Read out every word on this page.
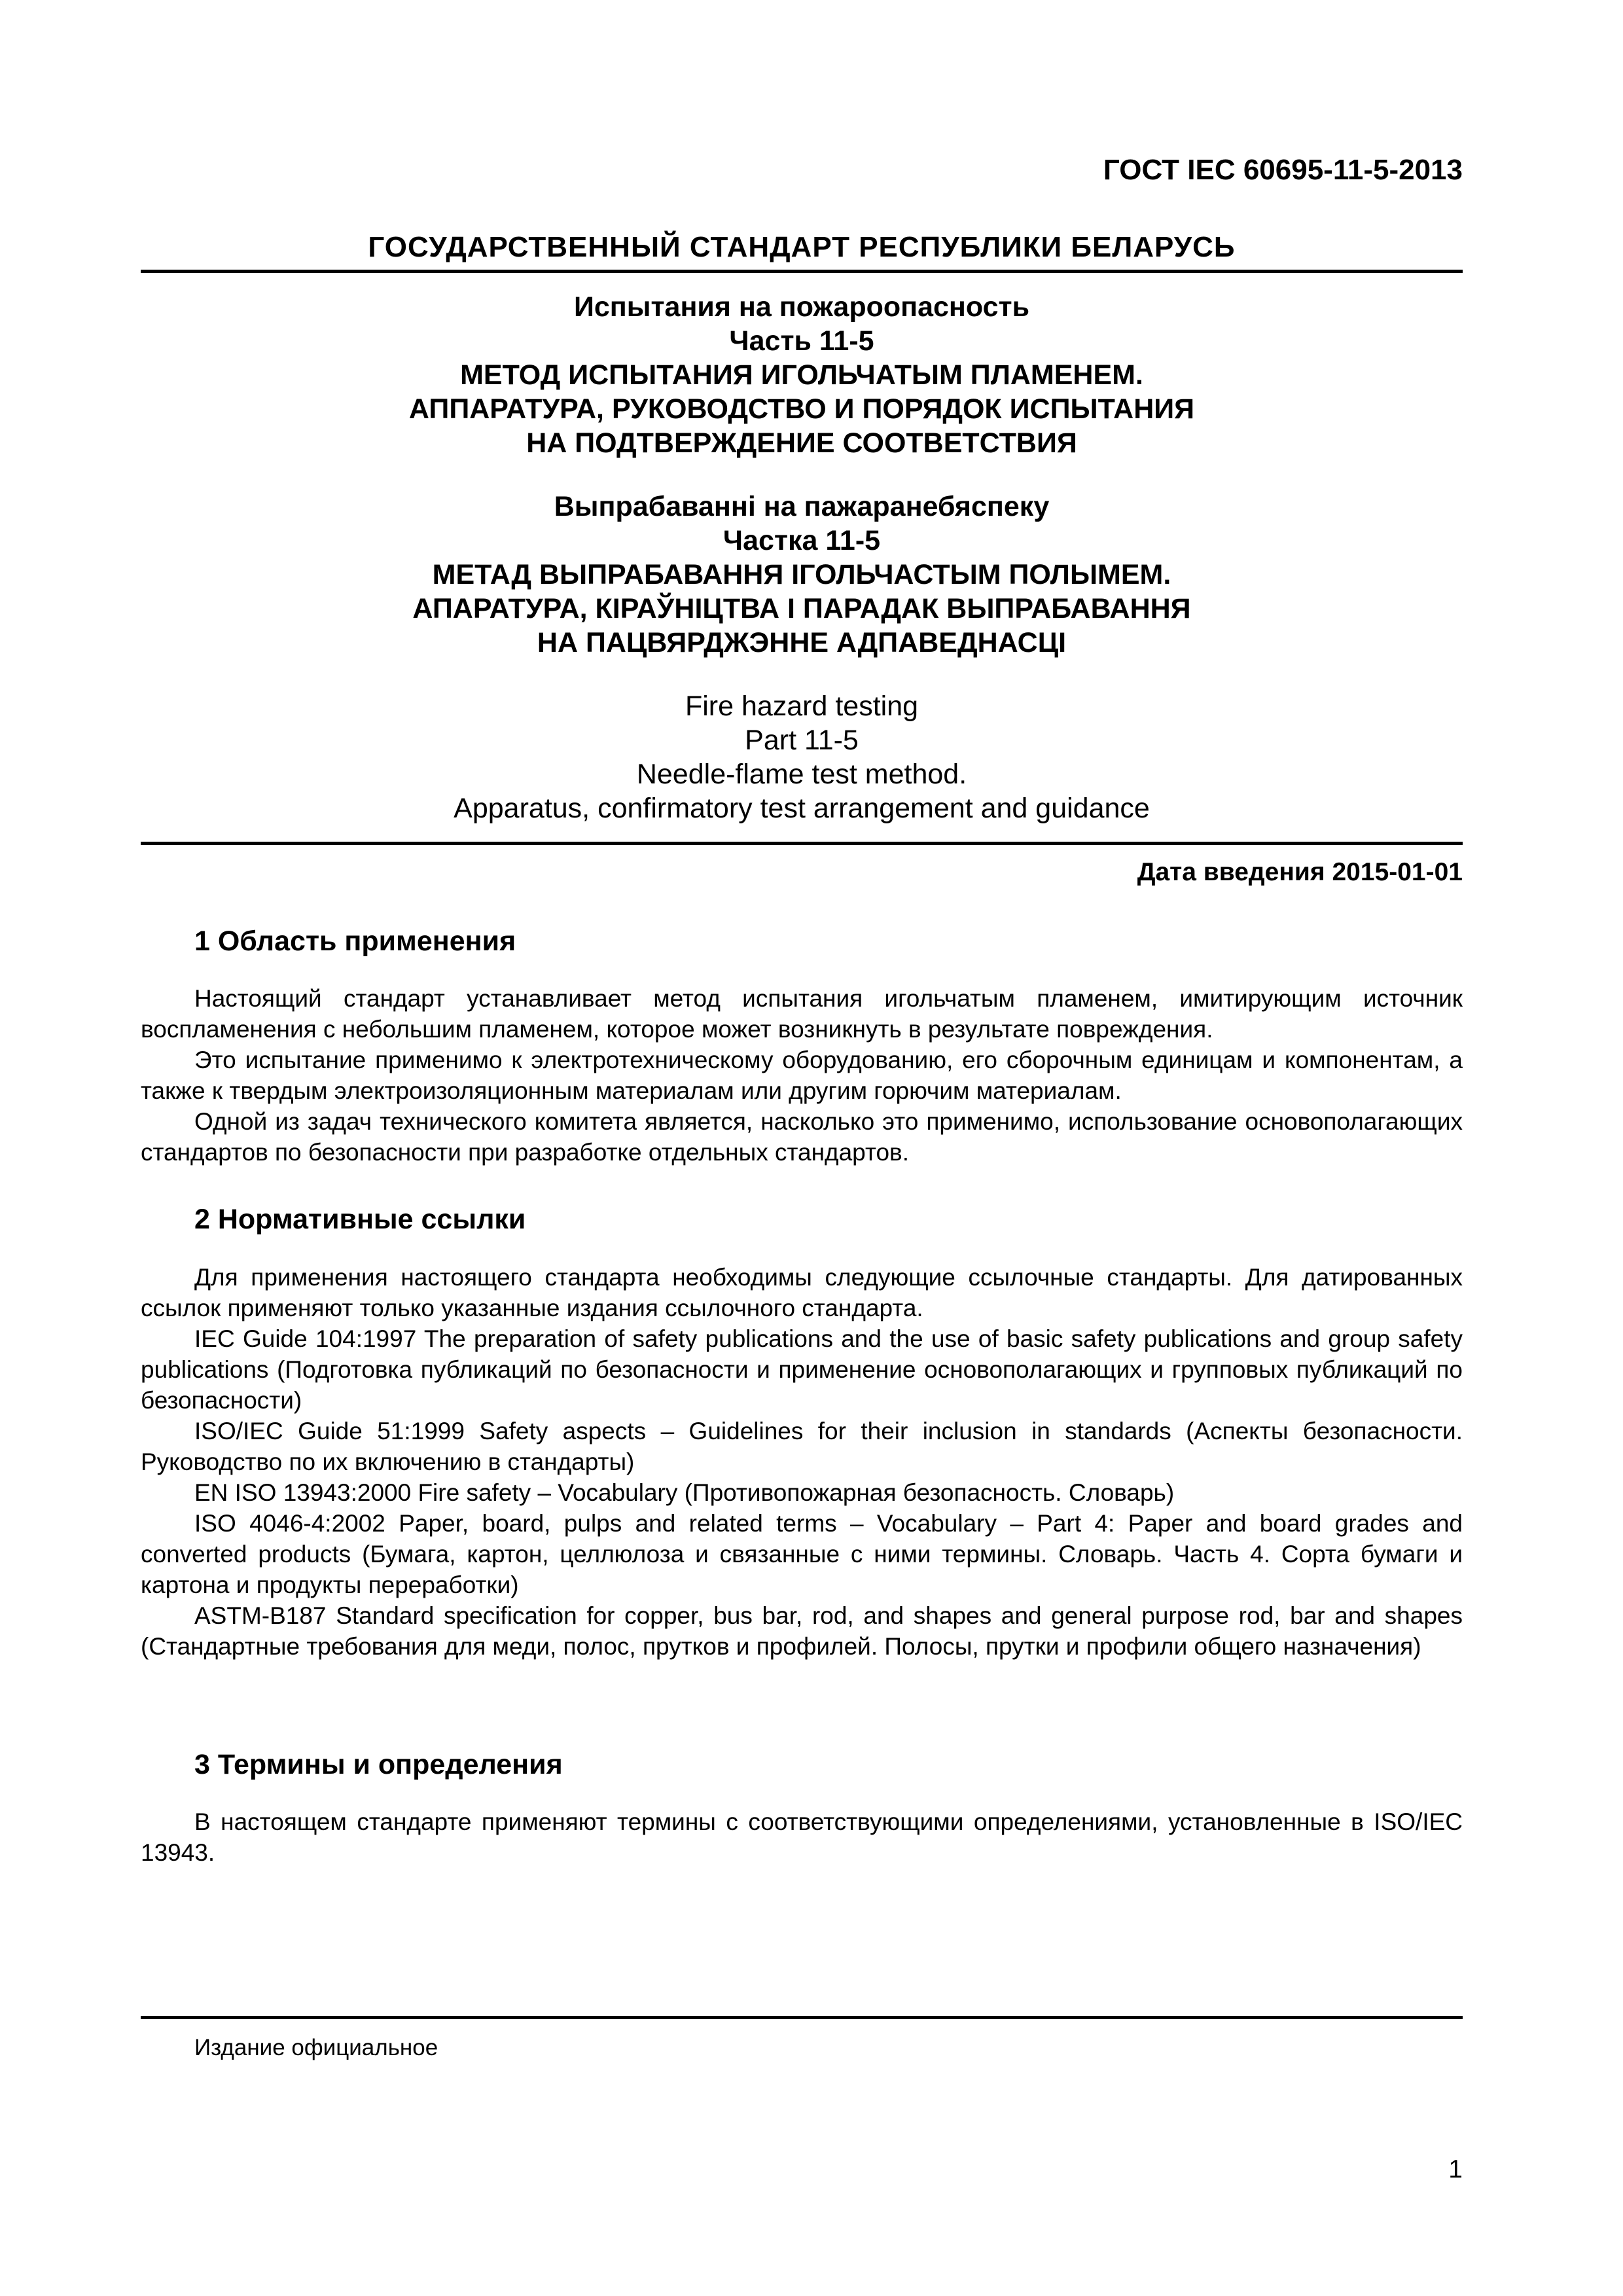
ГОСТ IEC 60695-11-5-2013
ГОСУДАРСТВЕННЫЙ СТАНДАРТ РЕСПУБЛИКИ БЕЛАРУСЬ
Испытания на пожароопасность
Часть 11-5
МЕТОД ИСПЫТАНИЯ ИГОЛЬЧАТЫМ ПЛАМЕНЕМ.
АППАРАТУРА, РУКОВОДСТВО И ПОРЯДОК ИСПЫТАНИЯ
НА ПОДТВЕРЖДЕНИЕ СООТВЕТСТВИЯ
Выпрабаванні на пажаранебяспеку
Частка 11-5
МЕТАД ВЫПРАБАВАННЯ ІГОЛЬЧАСТЫМ ПОЛЫМЕМ.
АПАРАТУРА, КІРАЎНІЦТВА І ПАРАДАК ВЫПРАБАВАННЯ
НА ПАЦВЯРДЖЭННЕ АДПАВЕДНАСЦІ
Fire hazard testing
Part 11-5
Needle-flame test method.
Apparatus, confirmatory test arrangement and guidance
Дата введения 2015-01-01
1 Область применения

Настоящий стандарт устанавливает метод испытания игольчатым пламенем, имитирующим источник воспламенения с небольшим пламенем, которое может возникнуть в результате повреждения.

Это испытание применимо к электротехническому оборудованию, его сборочным единицам и компонентам, а также к твердым электроизоляционным материалам или другим горючим материалам.

Одной из задач технического комитета является, насколько это применимо, использование основополагающих стандартов по безопасности при разработке отдельных стандартов.

2 Нормативные ссылки

Для применения настоящего стандарта необходимы следующие ссылочные стандарты. Для датированных ссылок применяют только указанные издания ссылочного стандарта.

IEC Guide 104:1997 The preparation of safety publications and the use of basic safety publications and group safety publications (Подготовка публикаций по безопасности и применение основополагающих и групповых публикаций по безопасности)

ISO/IEC Guide 51:1999 Safety aspects – Guidelines for their inclusion in standards (Аспекты безопасности. Руководство по их включению в стандарты)

EN ISO 13943:2000 Fire safety – Vocabulary (Противопожарная безопасность. Словарь)

ISO 4046-4:2002 Paper, board, pulps and related terms – Vocabulary – Part 4: Paper and board grades and converted products (Бумага, картон, целлюлоза и связанные с ними термины. Словарь. Часть 4. Сорта бумаги и картона и продукты переработки)

ASTM-B187 Standard specification for copper, bus bar, rod, and shapes and general purpose rod, bar and shapes (Стандартные требования для меди, полос, прутков и профилей. Полосы, прутки и профили общего назначения)

3 Термины и определения

В настоящем стандарте применяют термины с соответствующими определениями, установленные в ISO/IEC 13943.

Издание официальное
1
